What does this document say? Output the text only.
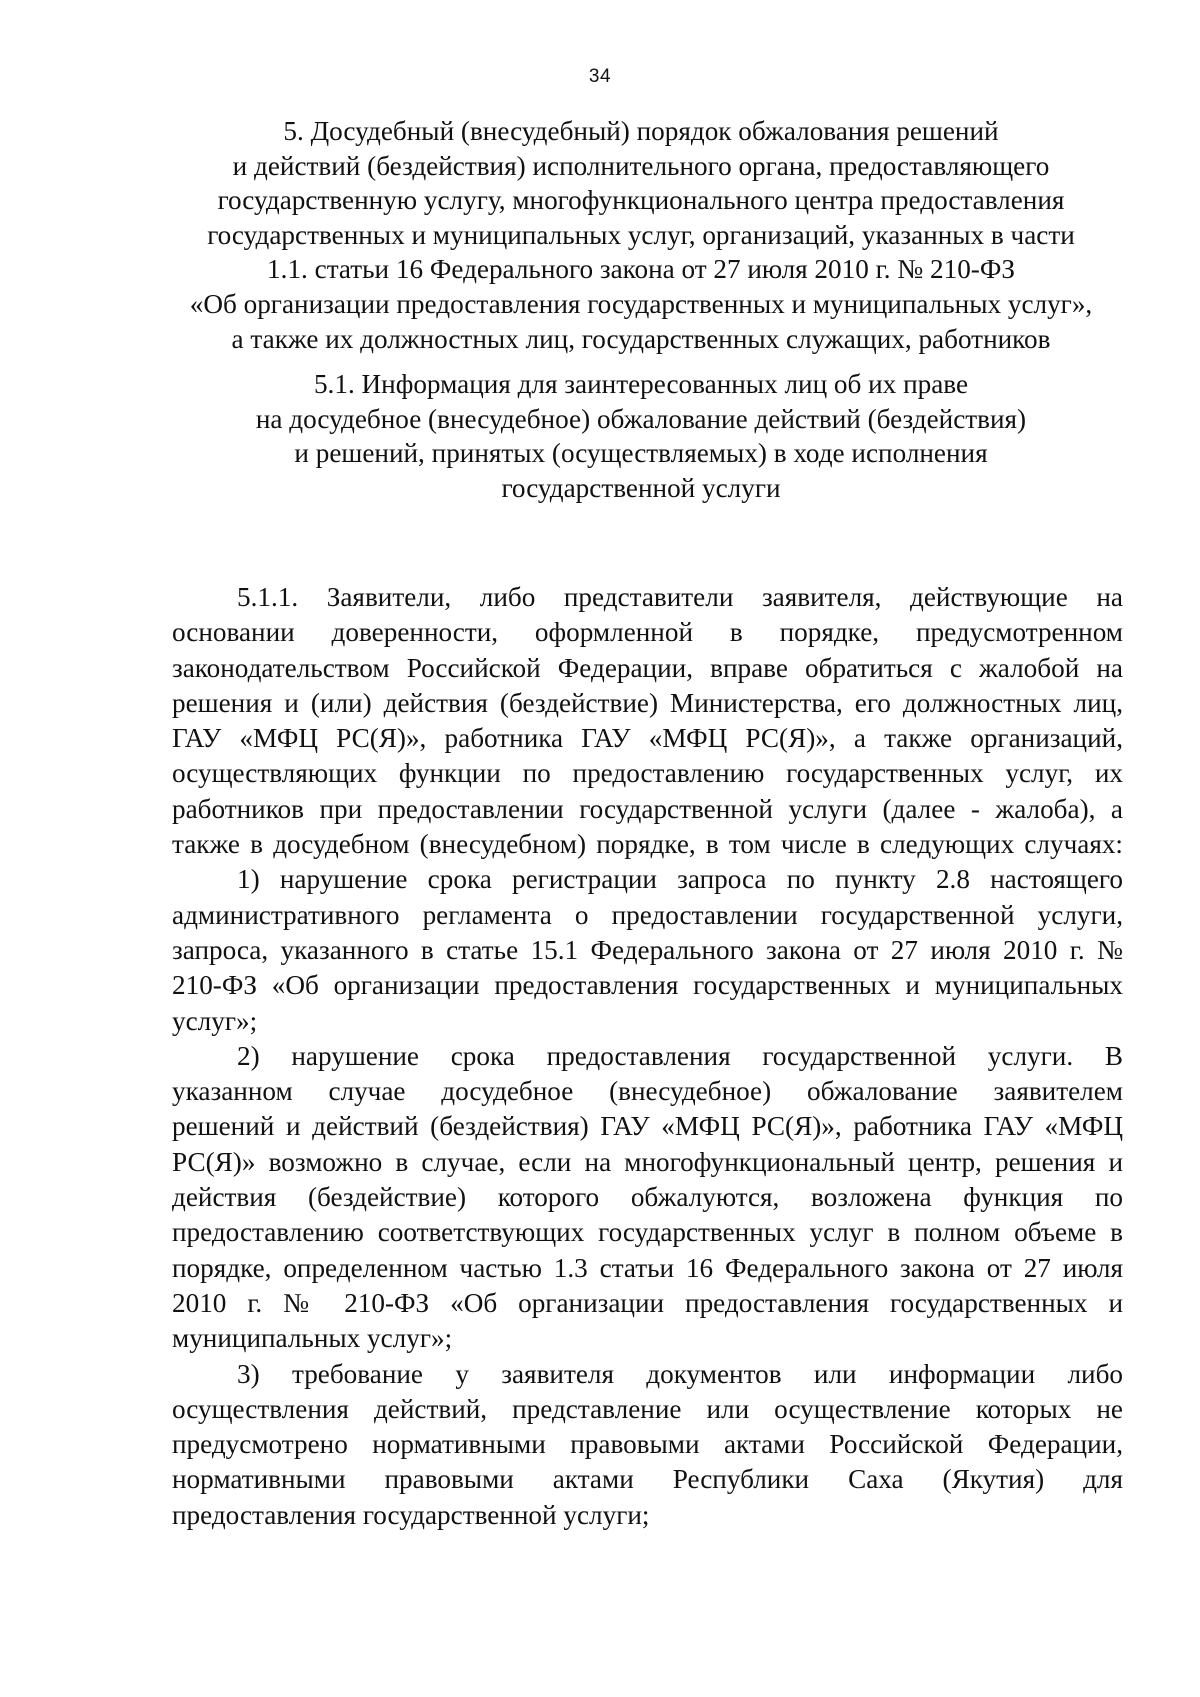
34
5. Досудебный (внесудебный) порядок обжалования решений
и действий (бездействия) исполнительного органа, предоставляющего
государственную услугу, многофункционального центра предоставления
государственных и муниципальных услуг, организаций, указанных в части
1.1. статьи 16 Федерального закона от 27 июля 2010 г. № 210-ФЗ
«Об организации предоставления государственных и муниципальных услуг»,
а также их должностных лиц, государственных служащих, работников
5.1. Информация для заинтересованных лиц об их праве
на досудебное (внесудебное) обжалование действий (бездействия)
и решений, принятых (осуществляемых) в ходе исполнения
государственной услуги
5.1.1. Заявители, либо представители заявителя, действующие на
основании доверенности, оформленной в порядке, предусмотренном
законодательством Российской Федерации, вправе обратиться с жалобой на
решения и (или) действия (бездействие) Министерства, его должностных лиц,
ГАУ «МФЦ РС(Я)», работника ГАУ «МФЦ РС(Я)», а также организаций,
осуществляющих функции по предоставлению государственных услуг, их
работников при предоставлении государственной услуги (далее - жалоба), а
также в досудебном (внесудебном) порядке, в том числе в следующих случаях:
1) нарушение срока регистрации запроса по пункту 2.8 настоящего
административного регламента о предоставлении государственной услуги,
запроса, указанного в статье 15.1 Федерального закона от 27 июля 2010 г. №
210-ФЗ «Об организации предоставления государственных и муниципальных
услуг»;
2) нарушение срока предоставления государственной услуги. В
указанном случае досудебное (внесудебное) обжалование заявителем
решений и действий (бездействия) ГАУ «МФЦ РС(Я)», работника ГАУ «МФЦ
РС(Я)» возможно в случае, если на многофункциональный центр, решения и
действия (бездействие) которого обжалуются, возложена функция по
предоставлению соответствующих государственных услуг в полном объеме в
порядке, определенном частью 1.3 статьи 16 Федерального закона от 27 июля
2010 г. № 210-ФЗ «Об организации предоставления государственных и
муниципальных услуг»;
3) требование у заявителя документов или информации либо
осуществления действий, представление или осуществление которых не
предусмотрено нормативными правовыми актами Российской Федерации,
нормативными правовыми актами Республики Саха (Якутия) для
предоставления государственной услуги;
